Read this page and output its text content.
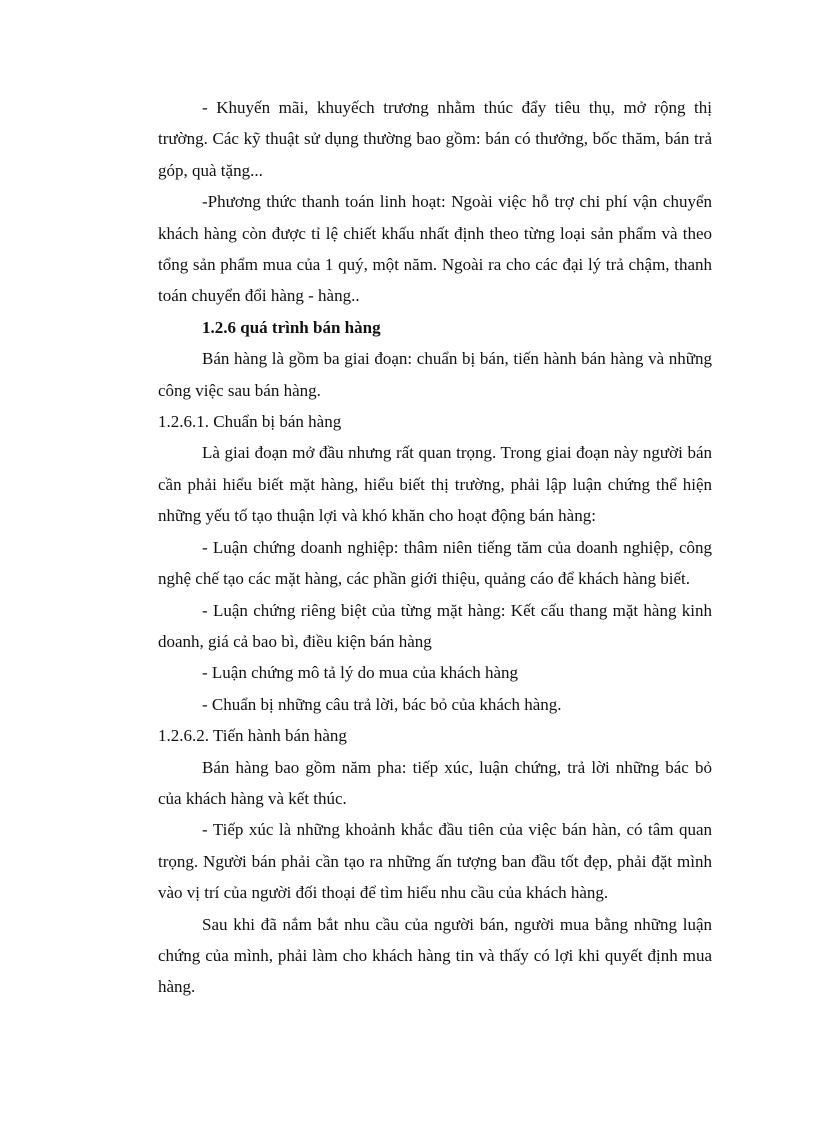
- Khuyến mãi, khuyếch trương nhằm thúc đẩy tiêu thụ, mở rộng thị trường. Các kỹ thuật sử dụng thường bao gồm: bán có thưởng, bốc thăm, bán trả góp, quà tặng...

-Phương thức thanh toán linh hoạt: Ngoài việc hỗ trợ chi phí vận chuyển khách hàng còn được tỉ lệ chiết khấu nhất định theo từng loại sản phẩm và theo tổng sản phẩm mua của 1 quý, một năm. Ngoài ra cho các đại lý trả chậm, thanh toán chuyển đổi hàng - hàng..

1.2.6 quá trình bán hàng

Bán hàng là gồm ba giai đoạn: chuẩn bị bán, tiến hành bán hàng và những công việc sau bán hàng.

1.2.6.1. Chuẩn bị bán hàng

Là giai đoạn mở đầu nhưng rất quan trọng. Trong giai đoạn này người bán cần phải hiểu biết mặt hàng, hiểu biết thị trường, phải lập luận chứng thể hiện những yếu tố tạo thuận lợi và khó khăn cho hoạt động bán hàng:

- Luận chứng doanh nghiệp: thâm niên tiếng tăm của doanh nghiệp, công nghệ chế tạo các mặt hàng, các phần giới thiệu, quảng cáo để khách hàng biết.

- Luận chứng riêng biệt của từng mặt hàng: Kết cấu thang mặt hàng kinh doanh, giá cả bao bì, điều kiện bán hàng

- Luận chứng mô tả lý do mua của khách hàng

- Chuẩn bị những câu trả lời, bác bỏ của khách hàng.

1.2.6.2. Tiến hành bán hàng

Bán hàng bao gồm năm pha: tiếp xúc, luận chứng, trả lời những bác bỏ của khách hàng và kết thúc.

- Tiếp xúc là những khoảnh khắc đầu tiên của việc bán hàn, có tâm quan trọng. Người bán phải cần tạo ra những ấn tượng ban đầu tốt đẹp, phải đặt mình vào vị trí của người đối thoại để tìm hiểu nhu cầu của khách hàng.

Sau khi đã nắm bắt nhu cầu của người bán, người mua bằng những luận chứng của mình, phải làm cho khách hàng tin và thấy có lợi khi quyết định mua hàng.
